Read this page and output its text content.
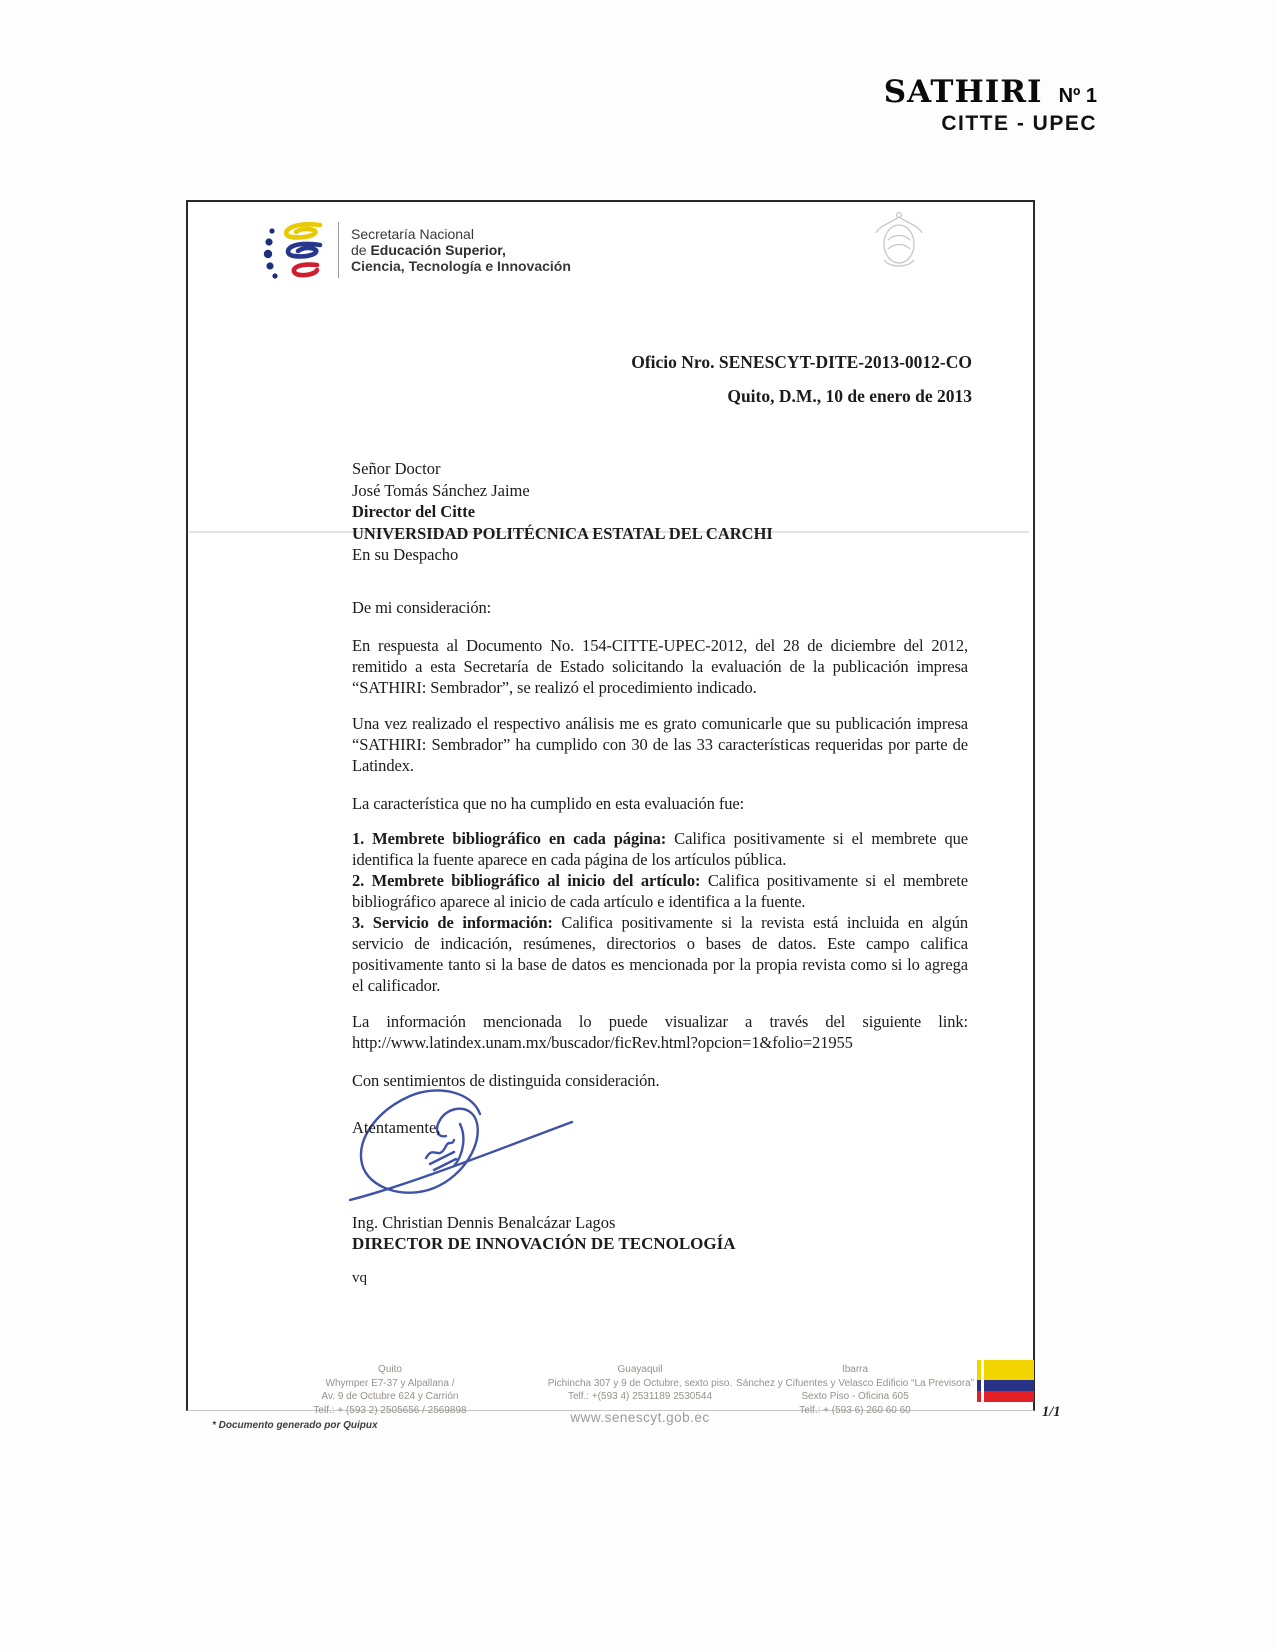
SATHIRI Nº 1
CITTE - UPEC
Secretaría Nacional
de Educación Superior,
Ciencia, Tecnología e Innovación
Oficio Nro. SENESCYT-DITE-2013-0012-CO
Quito, D.M., 10 de enero de 2013
Señor Doctor
José Tomás Sánchez Jaime
Director del Citte
UNIVERSIDAD POLITÉCNICA ESTATAL DEL CARCHI
En su Despacho

De mi consideración:

En respuesta al Documento No. 154-CITTE-UPEC-2012, del 28 de diciembre del 2012, remitido a esta Secretaría de Estado solicitando la evaluación de la publicación impresa “SATHIRI: Sembrador”, se realizó el procedimiento indicado.

Una vez realizado el respectivo análisis me es grato comunicarle que su publicación impresa “SATHIRI: Sembrador” ha cumplido con 30 de las 33 características requeridas por parte de Latindex.

La característica que no ha cumplido en esta evaluación fue:

1. Membrete bibliográfico en cada página: Califica positivamente si el membrete que identifica la fuente aparece en cada página de los artículos pública.

2. Membrete bibliográfico al inicio del artículo: Califica positivamente si el membrete bibliográfico aparece al inicio de cada artículo e identifica a la fuente.

3. Servicio de información: Califica positivamente si la revista está incluida en algún servicio de indicación, resúmenes, directorios o bases de datos. Este campo califica positivamente tanto si la base de datos es mencionada por la propia revista como si lo agrega el calificador.

La información mencionada lo puede visualizar a través del siguiente link:

http://www.latindex.unam.mx/buscador/ficRev.html?opcion=1&folio=21955

Con sentimientos de distinguida consideración.

Atentamente,
Ing. Christian Dennis Benalcázar Lagos
DIRECTOR DE INNOVACIÓN DE TECNOLOGÍA
vq
Quito
Whymper E7-37 y Alpallana /
Av. 9 de Octubre 624 y Carrión
Telf.: + (593 2) 2505656 / 2569898
Guayaquil
Pichincha 307 y 9 de Octubre, sexto piso.
Telf.: +(593 4) 2531189 2530544
Ibarra
Sánchez y Cifuentes y Velasco Edificio “La Previsora”
Sexto Piso - Oficina 605
Telf.: + (593 6) 260 60 60
www.senescyt.gob.ec	1/1
* Documento generado por Quipux
